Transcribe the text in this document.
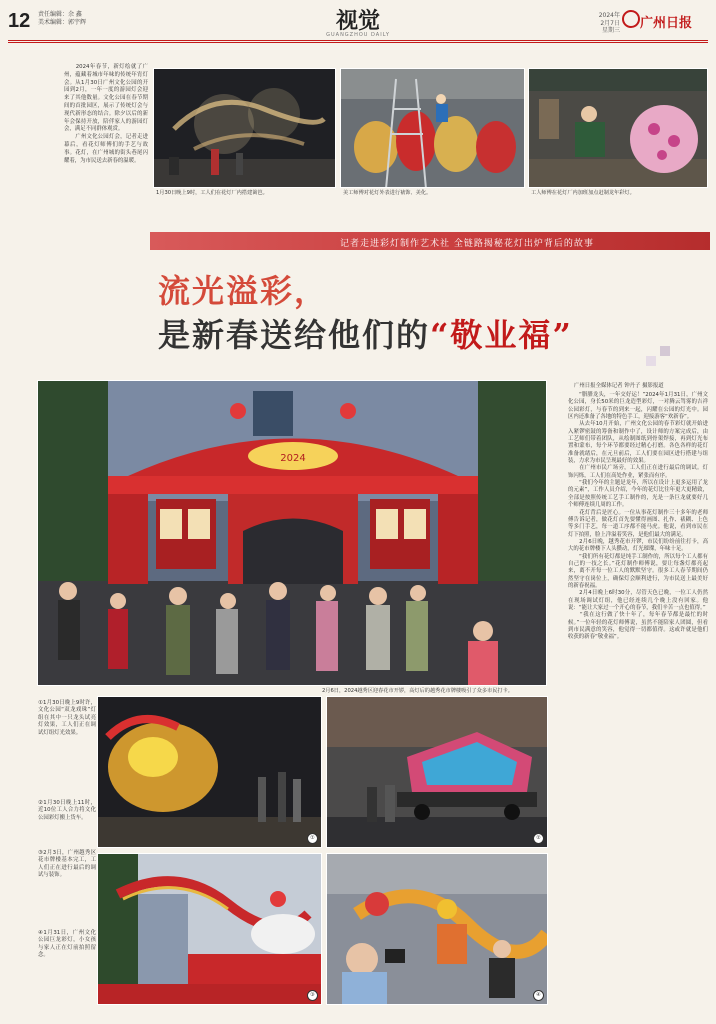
12 责任编辑：余 鑫
美术编辑：郭宇辉	视觉
GUANGZHOU DAILY
2024年
2月7日
星期三 广州日报
　　2024年春节，新灯绘就了广州，蕴藏着城市年味的传统年宵灯会。从1月30日广州文化公园的开园到2月，一年一度的游园灯会迎来了其他数量。文化公园在春节期间的首批园区，展示了传统灯会与现代新形态的结合。除夕以后的新年会保持开放，陪伴家人的游园灯会，满足不同群体观赏。
　　广州文化公园灯会，记者走进幕后，看花灯师傅们的手艺与故事。花灯，在广州城的街头巷尾闪耀着，为市民送去新春的温暖。
1月30日晚上9时，工人们在花灯厂内搭建篱笆。	美工师傅对花灯外表进行裱饰、美化。	工人师傅在花灯厂内加班加点赶制龙年彩灯。
记者走进彩灯制作艺术社 全链路揭秘花灯出炉背后的故事
流光溢彩，
是新春送给他们的“敬业福”
2024
2月6日，2024越秀区迎春花市开锣，高灯后的越秀花市牌楼吸引了众多市民打卡。
广州日报全媒体记者 钟丹子 摄影报道
　　“腊腊龙头，一年交好运！”2024年1月31日，广州文化公园，身长50米的巨龙造型彩灯，一对腾云驾雾的吉祥公园彩灯，与春节的到来一起，闪耀在公园的灯光中。园区内还准备了各地的特色手工，迎接游客“欢新春”。
　　从去年10月开始，广州文化公园的春节彩灯就开始进入紧锣密鼓的筹备和制作中了，设计师的方案完成后，由工艺师们带着团队，从绘制图纸到骨架焊接，再到灯光布置和蒙布，每个环节都要经过精心打磨。各色各样的花灯准备就绪后，在元旦前后，工人们要在园区进行搭建与组装，力求为市民呈现最好的效果。
　　在广州市民广场旁，工人们正在进行最后的调试。灯饰闪烁，工人们在高处作业，紧张而有序。
　　“我们今年的主题是龙年，所以在设计上更多运用了龙的元素”，工作人员介绍，今年的花灯比往年更大更精致，全部是按照传统工艺手工制作的，光是一条巨龙就要好几个师傅连续几周的工作。
　　花灯背后是匠心。一位从事花灯制作三十多年的老师傅告诉记者，做花灯首先要懂得画图、扎作、裱糊、上色等多门手艺，每一道工序都不能马虎。他说，看到市民在灯下拍照，脸上洋溢着笑容，是他们最大的满足。
　　2月6日晚，越秀花市开锣，市民们纷纷前往打卡，高大的花市牌楼下人头攒动，灯光璀璨，年味十足。
　　“我们所有花灯都是纯手工制作的，所以每个工人都有自己的一技之长。”花灯制作师傅说，要让每盏灯都亮起来，离不开每一位工人的默默坚守。很多工人春节期间仍然坚守在岗位上，确保灯会顺利进行，为市民送上最美好的新春祝福。
　　2月4日晚上6时30分，尽管天色已晚，一位工人仍然在现场调试灯组，他已经连续几个晚上没有回家。他说：“能让大家过一个开心的春节，我们辛苦一点也值得。”
　　“我在这行做了快十年了，每年春节都是最忙的时候。”一位年轻的花灯师傅说，虽然不能陪家人团圆，但看到市民满意的笑容，他觉得一切都值得。这或许就是他们收获的新春“敬业福”。
①1月30日晚上9时许，文化公园“双龙戏珠”灯组在其中一只龙头试亮灯效果，工人们正在调试灯组灯光效果。
②1月30日晚上11时，近10位工人合力将文化公园彩灯搬上货车。
③2月3日，广州越秀区花市牌楼基本完工，工人们正在进行最后的调试与装饰。
④1月31日，广州文化公园巨龙彩灯，小女孩与家人正在灯前拍照留念。
①	②
③	④
